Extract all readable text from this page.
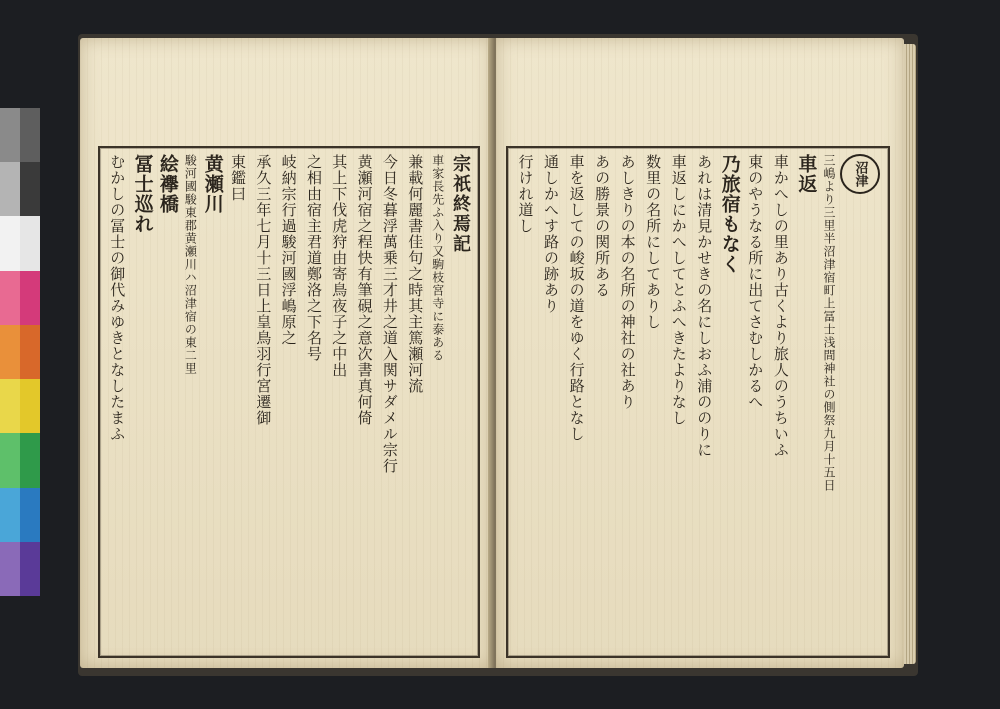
宗祇終焉記
車家長先ふ入り又駒枝宮寺に泰ある
兼載何麗書佳句之時其主篤瀬河流
今日冬暮浮萬乗三才井之道入関サダメル宗行
黄瀬河宿之程快有筆硯之意次書真何倚
其上下伐虎狩由寄鳥夜子之中出
之相由宿主君道鄭洛之下名号
岐納宗行過駿河國浮嶋原之
承久三年七月十三日上皇鳥羽行宮遷御
東鑑曰
黄瀬川
駿河國駿東郡黄瀬川ハ沼津宿の東二里
絵襷橋
冨士巡れ
むかしの冨士の御代みゆきとなしたまふ	沼津
三嶋より三里半沼津宿町上冨士浅間神社の側祭九月十五日
車返
車かへしの里あり古くより旅人のうちいふ
東のやうなる所に出てさむしかるへ
乃旅宿もなく
あれは清見かせきの名にしおふ浦ののりに
車返しにかへしてとふへきたよりなし
数里の名所にしてありし
あしきりの本の名所の神社の社あり
あの勝景の関所ある
車を返しての峻坂の道をゆく行路となし
通しかへす路の跡あり
行けれ道し
